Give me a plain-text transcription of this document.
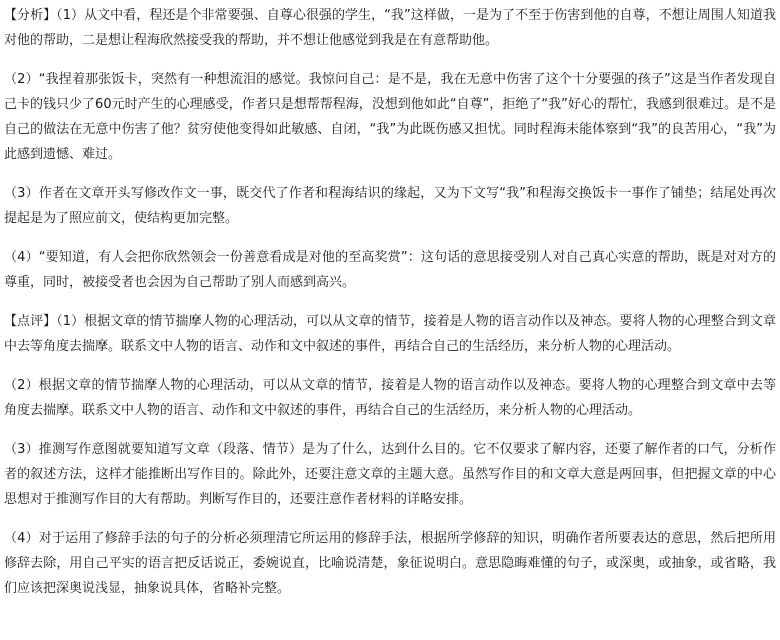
【分析】（1）从文中看，程还是个非常要强、自尊心很强的学生，“我”这样做，一是为了不至于伤害到他的自尊，不想让周围人知道我对他的帮助，二是想让程海欣然接受我的帮助，并不想让他感觉到我是在有意帮助他。

（2）“我捏着那张饭卡，突然有一种想流泪的感觉。我惊问自己：是不是，我在无意中伤害了这个十分要强的孩子”这是当作者发现自己卡的钱只少了60元时产生的心理感受，作者只是想帮帮程海，没想到他如此“自尊”，拒绝了“我”好心的帮忙，我感到很难过。是不是自己的做法在无意中伤害了他？贫穷使他变得如此敏感、自闭，“我”为此既伤感又担忧。同时程海未能体察到“我”的良苦用心，“我”为此感到遗憾、难过。

（3）作者在文章开头写修改作文一事，既交代了作者和程海结识的缘起，又为下文写“我”和程海交换饭卡一事作了铺垫；结尾处再次提起是为了照应前文，使结构更加完整。

（4）“要知道，有人会把你欣然领会一份善意看成是对他的至高奖赏”：这句话的意思接受别人对自己真心实意的帮助，既是对对方的尊重，同时，被接受者也会因为自己帮助了别人而感到高兴。

【点评】（1）根据文章的情节揣摩人物的心理活动，可以从文章的情节，接着是人物的语言动作以及神态。要将人物的心理整合到文章中去等角度去揣摩。联系文中人物的语言、动作和文中叙述的事件，再结合自己的生活经历，来分析人物的心理活动。

（2）根据文章的情节揣摩人物的心理活动，可以从文章的情节，接着是人物的语言动作以及神态。要将人物的心理整合到文章中去等角度去揣摩。联系文中人物的语言、动作和文中叙述的事件，再结合自己的生活经历，来分析人物的心理活动。

（3）推测写作意图就要知道写文章（段落、情节）是为了什么，达到什么目的。它不仅要求了解内容，还要了解作者的口气，分析作者的叙述方法，这样才能推断出写作目的。除此外，还要注意文章的主题大意。虽然写作目的和文章大意是两回事，但把握文章的中心思想对于推测写作目的大有帮助。判断写作目的，还要注意作者材料的详略安排。

（4）对于运用了修辞手法的句子的分析必须理清它所运用的修辞手法，根据所学修辞的知识，明确作者所要表达的意思，然后把所用修辞去除，用自己平实的语言把反话说正，委婉说直，比喻说清楚，象征说明白。意思隐晦难懂的句子，或深奥，或抽象，或省略，我们应该把深奥说浅显，抽象说具体，省略补完整。
